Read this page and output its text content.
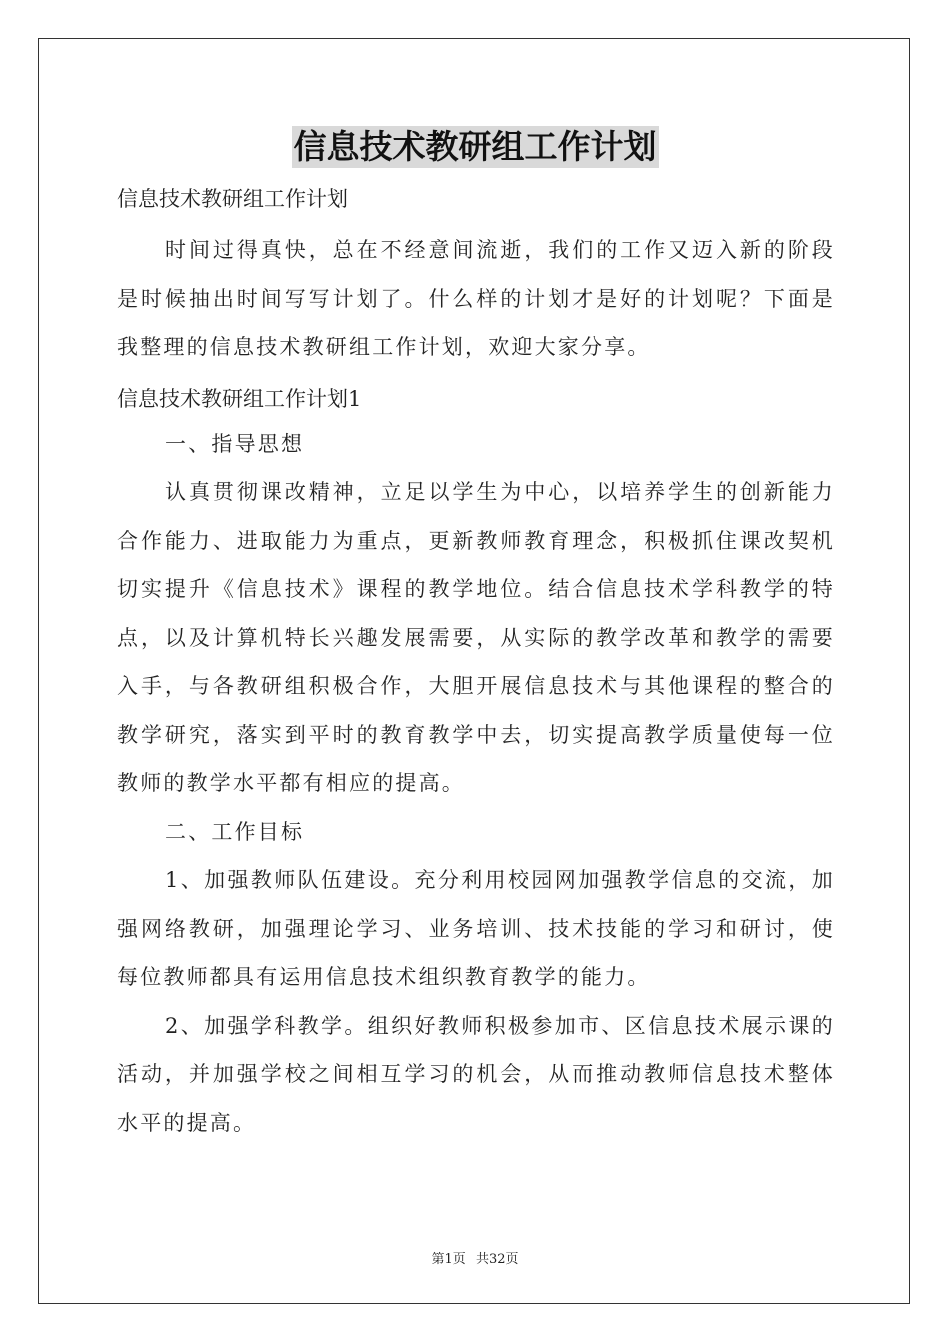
信息技术教研组工作计划

信息技术教研组工作计划

时间过得真快，总在不经意间流逝，我们的工作又迈入新的阶段是时候抽出时间写写计划了。什么样的计划才是好的计划呢？下面是我整理的信息技术教研组工作计划，欢迎大家分享。

信息技术教研组工作计划1

一、指导思想

认真贯彻课改精神，立足以学生为中心，以培养学生的创新能力合作能力、进取能力为重点，更新教师教育理念，积极抓住课改契机切实提升《信息技术》课程的教学地位。结合信息技术学科教学的特点，以及计算机特长兴趣发展需要，从实际的教学改革和教学的需要入手，与各教研组积极合作，大胆开展信息技术与其他课程的整合的教学研究，落实到平时的教育教学中去，切实提高教学质量使每一位教师的教学水平都有相应的提高。

二、工作目标

1、加强教师队伍建设。充分利用校园网加强教学信息的交流，加强网络教研，加强理论学习、业务培训、技术技能的学习和研讨，使每位教师都具有运用信息技术组织教育教学的能力。

2、加强学科教学。组织好教师积极参加市、区信息技术展示课的活动，并加强学校之间相互学习的机会，从而推动教师信息技术整体水平的提高。

第1页 共32页
